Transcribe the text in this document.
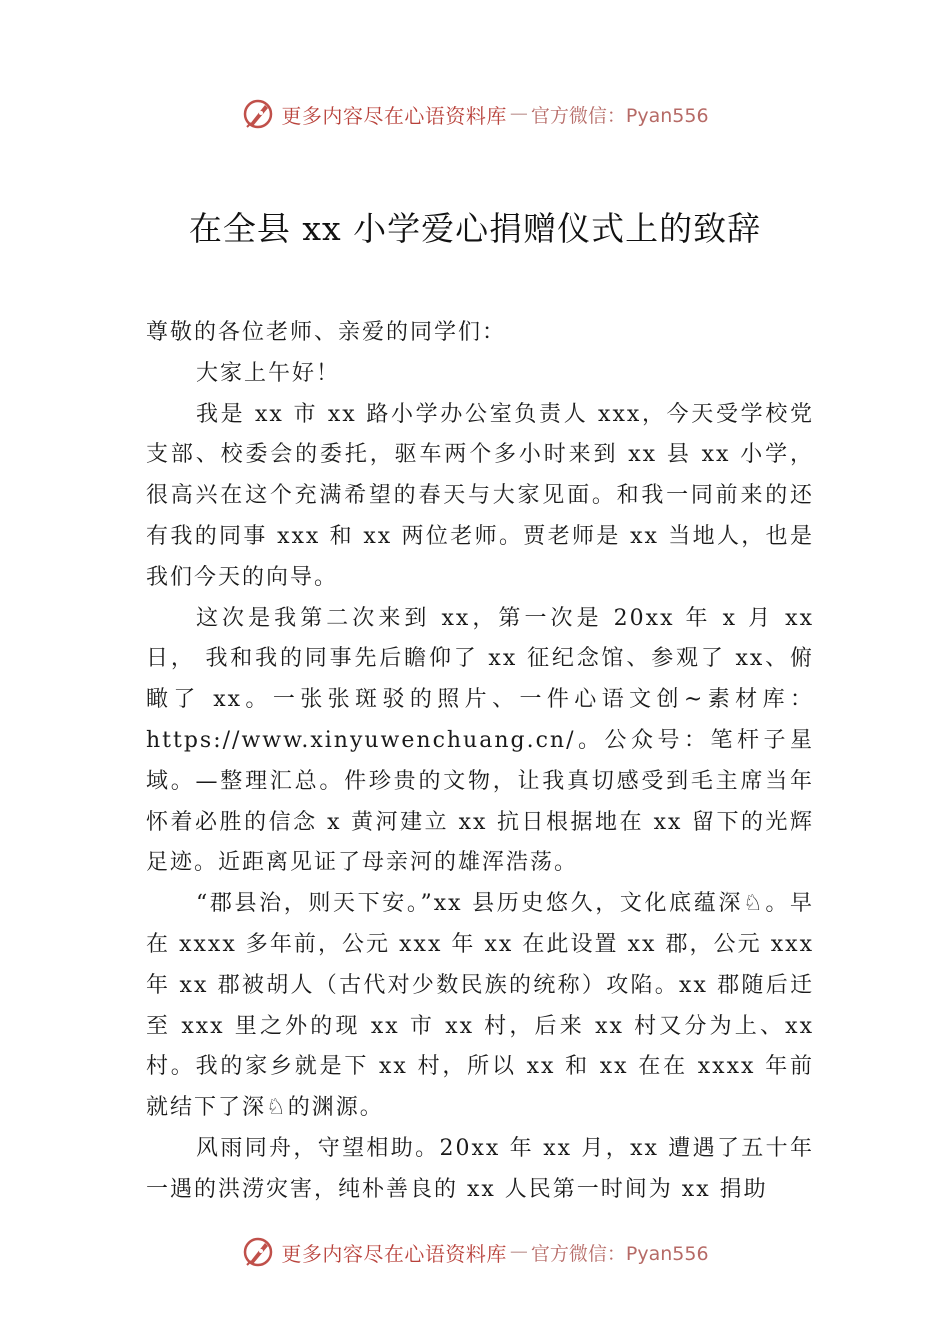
更多内容尽在心语资料库 — 官方微信：Pyan556
在全县 xx 小学爱心捐赠仪式上的致辞

尊敬的各位老师、亲爱的同学们：

大家上午好！

我是 xx 市 xx 路小学办公室负责人 xxx，今天受学校党支部、校委会的委托，驱车两个多小时来到 xx 县 xx 小学，很高兴在这个充满希望的春天与大家见面。和我一同前来的还有我的同事 xxx 和 xx 两位老师。贾老师是 xx 当地人，也是我们今天的向导。

这次是我第二次来到 xx，第一次是 20xx 年 x 月 xx 日， 我和我的同事先后瞻仰了 xx 征纪念馆、参观了 xx、俯瞰了 xx。一张张斑驳的照片、一件心语文创~素材库：https://www.xinyuwenchuang.cn/。公众号：笔杆子星域。—整理汇总。件珍贵的文物，让我真切感受到毛主席当年怀着必胜的信念 x 黄河建立 xx 抗日根据地在 xx 留下的光辉足迹。近距离见证了母亲河的雄浑浩荡。

“郡县治，则天下安。”xx 县历史悠久，文化底蕴深♘。早在 xxxx 多年前，公元 xxx 年 xx 在此设置 xx 郡，公元 xxx 年 xx 郡被胡人（古代对少数民族的统称）攻陷。xx 郡随后迁至 xxx 里之外的现 xx 市 xx 村，后来 xx 村又分为上、xx 村。我的家乡就是下 xx 村，所以 xx 和 xx 在在 xxxx 年前就结下了深♘的渊源。

风雨同舟，守望相助。20xx 年 xx 月，xx 遭遇了五十年一遇的洪涝灾害，纯朴善良的 xx 人民第一时间为 xx 捐助

更多内容尽在心语资料库 — 官方微信：Pyan556
